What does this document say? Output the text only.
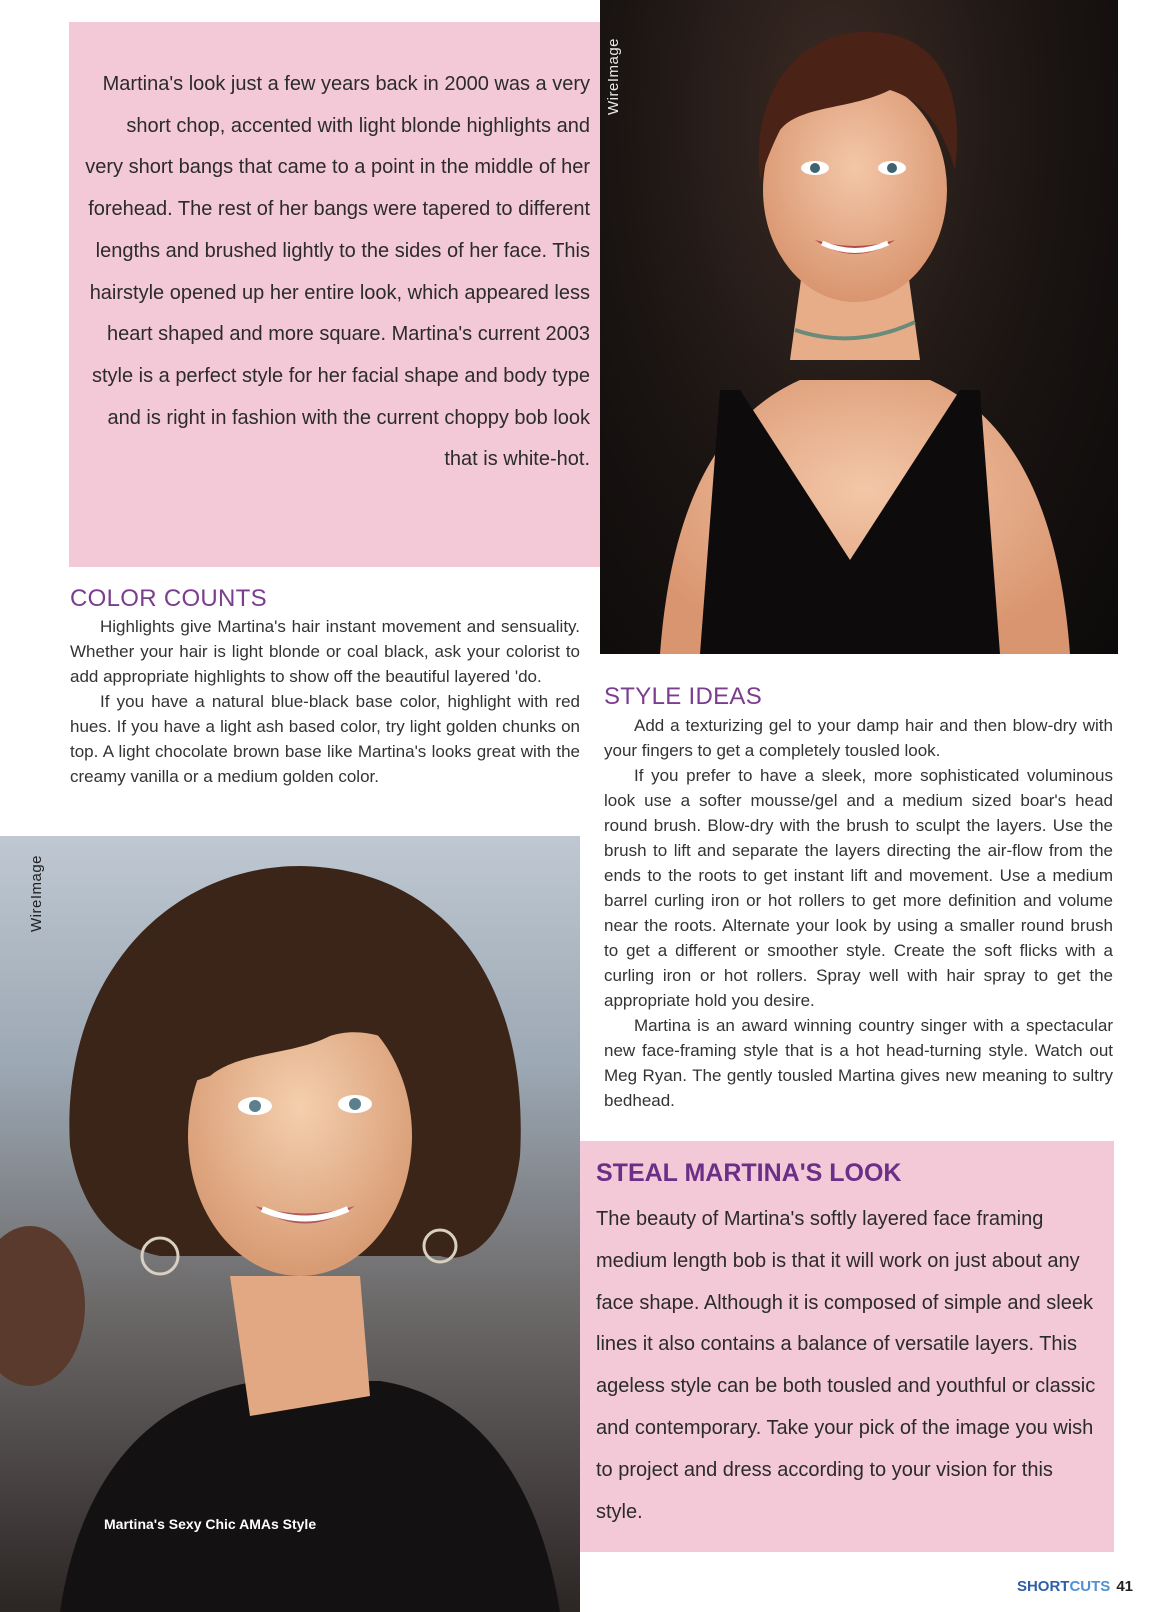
Martina's look just a few years back in 2000 was a very short chop, accented with light blonde highlights and very short bangs that came to a point in the middle of her forehead. The rest of her bangs were tapered to different lengths and brushed lightly to the sides of her face. This hairstyle opened up her entire look, which appeared less heart shaped and more square. Martina's current 2003 style is a perfect style for her facial shape and body type and is right in fashion with the current choppy bob look that is white-hot.
WireImage
COLOR COUNTS

Highlights give Martina's hair instant movement and sensuality. Whether your hair is light blonde or coal black, ask your colorist to add appropriate highlights to show off the beautiful layered 'do.

If you have a natural blue-black base color, highlight with red hues. If you have a light ash based color, try light golden chunks on top. A light chocolate brown base like Martina's looks great with the creamy vanilla or a medium golden color.

STYLE IDEAS

Add a texturizing gel to your damp hair and then blow-dry with your fingers to get a completely tousled look.

If you prefer to have a sleek, more sophisticated voluminous look use a softer mousse/gel and a medium sized boar's head round brush. Blow-dry with the brush to sculpt the layers. Use the brush to lift and separate the layers directing the air-flow from the ends to the roots to get instant lift and movement. Use a medium barrel curling iron or hot rollers to get more definition and volume near the roots. Alternate your look by using a smaller round brush to get a different or smoother style. Create the soft flicks with a curling iron or hot rollers. Spray well with hair spray to get the appropriate hold you desire.

Martina is an award winning country singer with a spectacular new face-framing style that is a hot head-turning style. Watch out Meg Ryan. The gently tousled Martina gives new meaning to sultry bedhead.

WireImage
Martina's Sexy Chic AMAs Style
STEAL MARTINA'S LOOK
The beauty of Martina's softly layered face framing medium length bob is that it will work on just about any face shape. Although it is composed of simple and sleek lines it also contains a balance of versatile layers. This ageless style can be both tousled and youthful or classic and contemporary. Take your pick of the image you wish to project and dress according to your vision for this style.
SHORTCUTS 41
